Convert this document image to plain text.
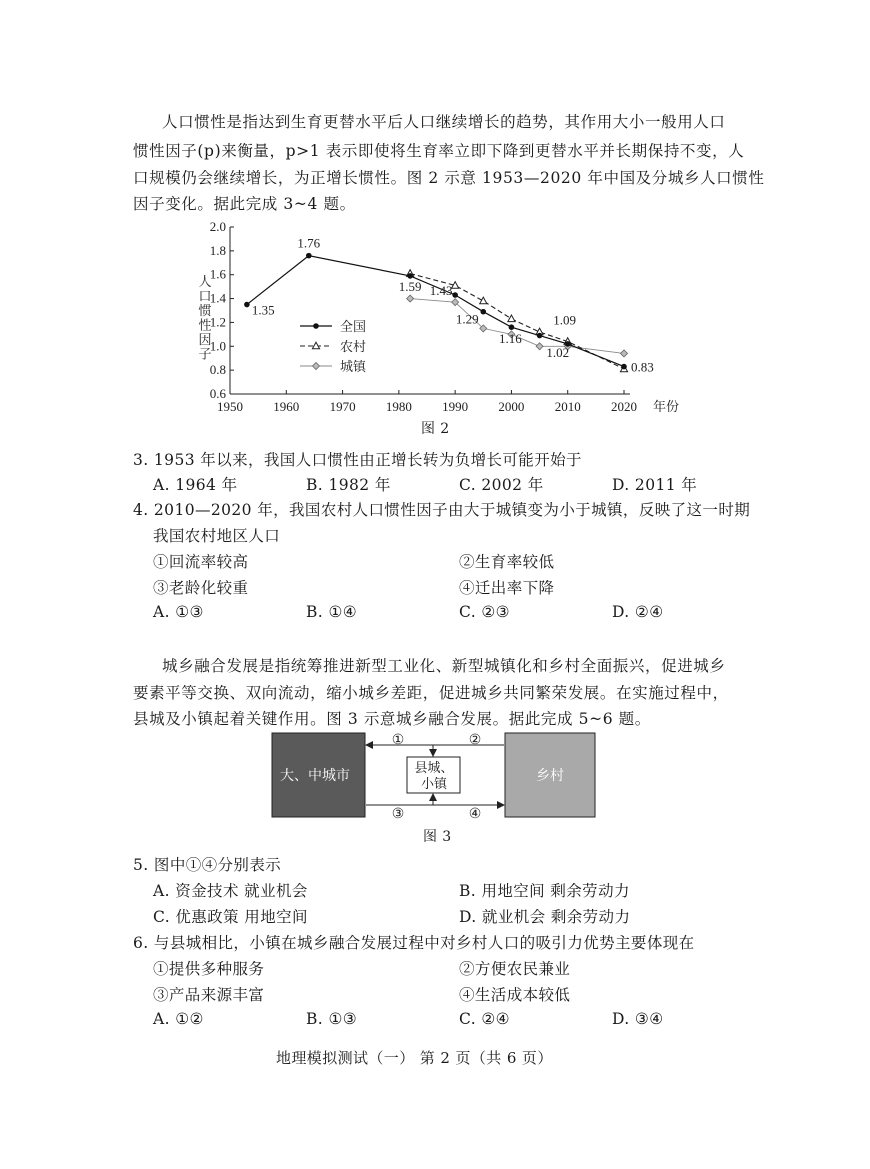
人口惯性是指达到生育更替水平后人口继续增长的趋势，其作用大小一般用人口
惯性因子(p)来衡量，p>1 表示即使将生育率立即下降到更替水平并长期保持不变，人
口规模仍会继续增长，为正增长惯性。图 2 示意 1953—2020 年中国及分城乡人口惯性
因子变化。据此完成 3~4 题。
0.6
0.8
1.0
1.2
1.4
1.6
1.8
2.0
1950 1960 1970 1980 1990 2000 2010 2020 年份
人
口
惯
性
因
子
1.35
1.76
1.59 1.43
1.29
1.16
1.09
1.02
0.83
全国
农村
城镇
图 2
3. 1953 年以来，我国人口惯性由正增长转为负增长可能开始于
A. 1964 年	B. 1982 年	C. 2002 年	D. 2011 年
4. 2010—2020 年，我国农村人口惯性因子由大于城镇变为小于城镇，反映了这一时期
我国农村地区人口
①回流率较高	②生育率较低
③老龄化较重	④迁出率下降
A. ①③	B. ①④	C. ②③	D. ②④
城乡融合发展是指统筹推进新型工业化、新型城镇化和乡村全面振兴，促进城乡
要素平等交换、双向流动，缩小城乡差距，促进城乡共同繁荣发展。在实施过程中，
县城及小镇起着关键作用。图 3 示意城乡融合发展。据此完成 5~6 题。
大、中城市	县城、
小镇
乡村
①	②
③	④
图 3
5. 图中①④分别表示
A. 资金技术 就业机会	B. 用地空间 剩余劳动力
C. 优惠政策 用地空间	D. 就业机会 剩余劳动力
6. 与县城相比，小镇在城乡融合发展过程中对乡村人口的吸引力优势主要体现在
①提供多种服务	②方便农民兼业
③产品来源丰富	④生活成本较低
A. ①②	B. ①③	C. ②④	D. ③④
地理模拟测试（一） 第 2 页（共 6 页）
